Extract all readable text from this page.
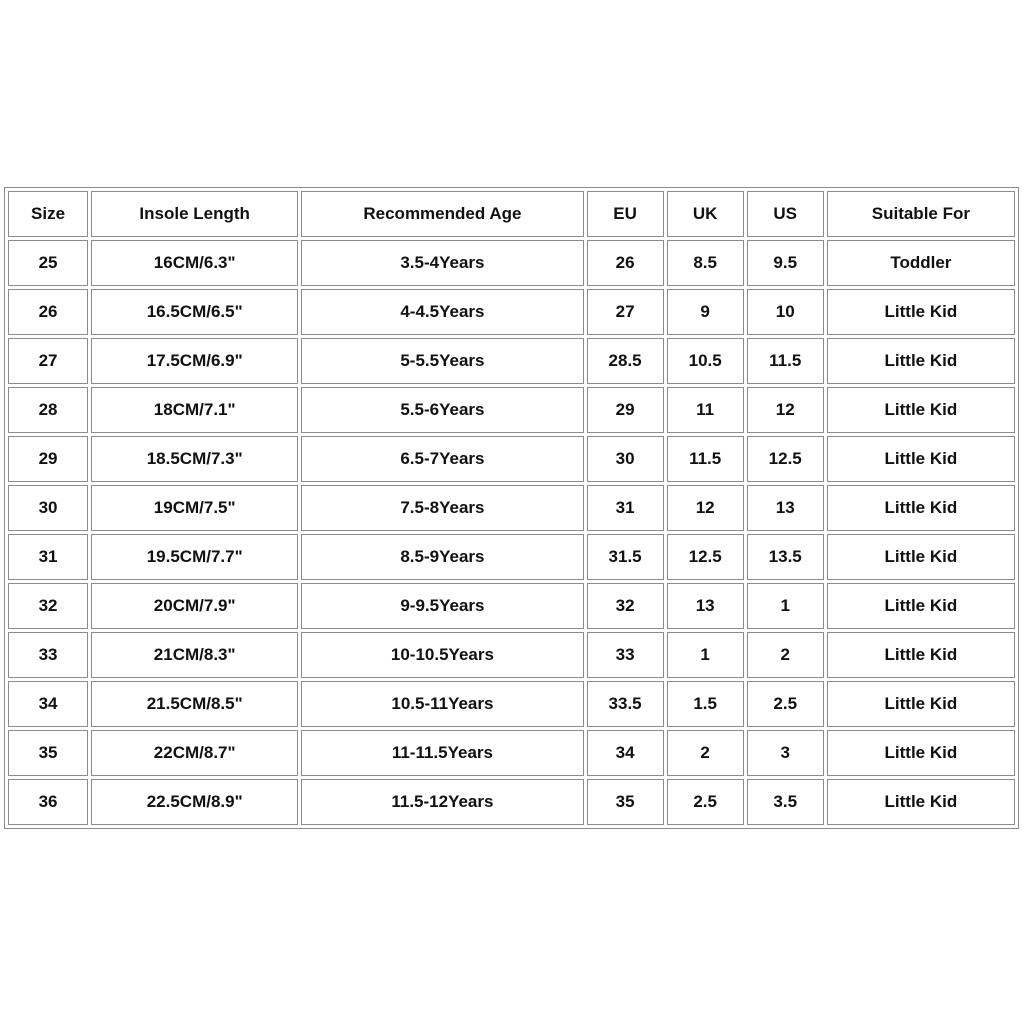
Size	Insole Length	Recommended Age	EU	UK	US	Suitable For
25	16CM/6.3"	3.5-4Years	26	8.5	9.5	Toddler
26	16.5CM/6.5"	4-4.5Years	27	9	10	Little Kid
27	17.5CM/6.9"	5-5.5Years	28.5	10.5	11.5	Little Kid
28	18CM/7.1"	5.5-6Years	29	11	12	Little Kid
29	18.5CM/7.3"	6.5-7Years	30	11.5	12.5	Little Kid
30	19CM/7.5"	7.5-8Years	31	12	13	Little Kid
31	19.5CM/7.7"	8.5-9Years	31.5	12.5	13.5	Little Kid
32	20CM/7.9"	9-9.5Years	32	13	1	Little Kid
33	21CM/8.3"	10-10.5Years	33	1	2	Little Kid
34	21.5CM/8.5"	10.5-11Years	33.5	1.5	2.5	Little Kid
35	22CM/8.7"	11-11.5Years	34	2	3	Little Kid
36	22.5CM/8.9"	11.5-12Years	35	2.5	3.5	Little Kid
